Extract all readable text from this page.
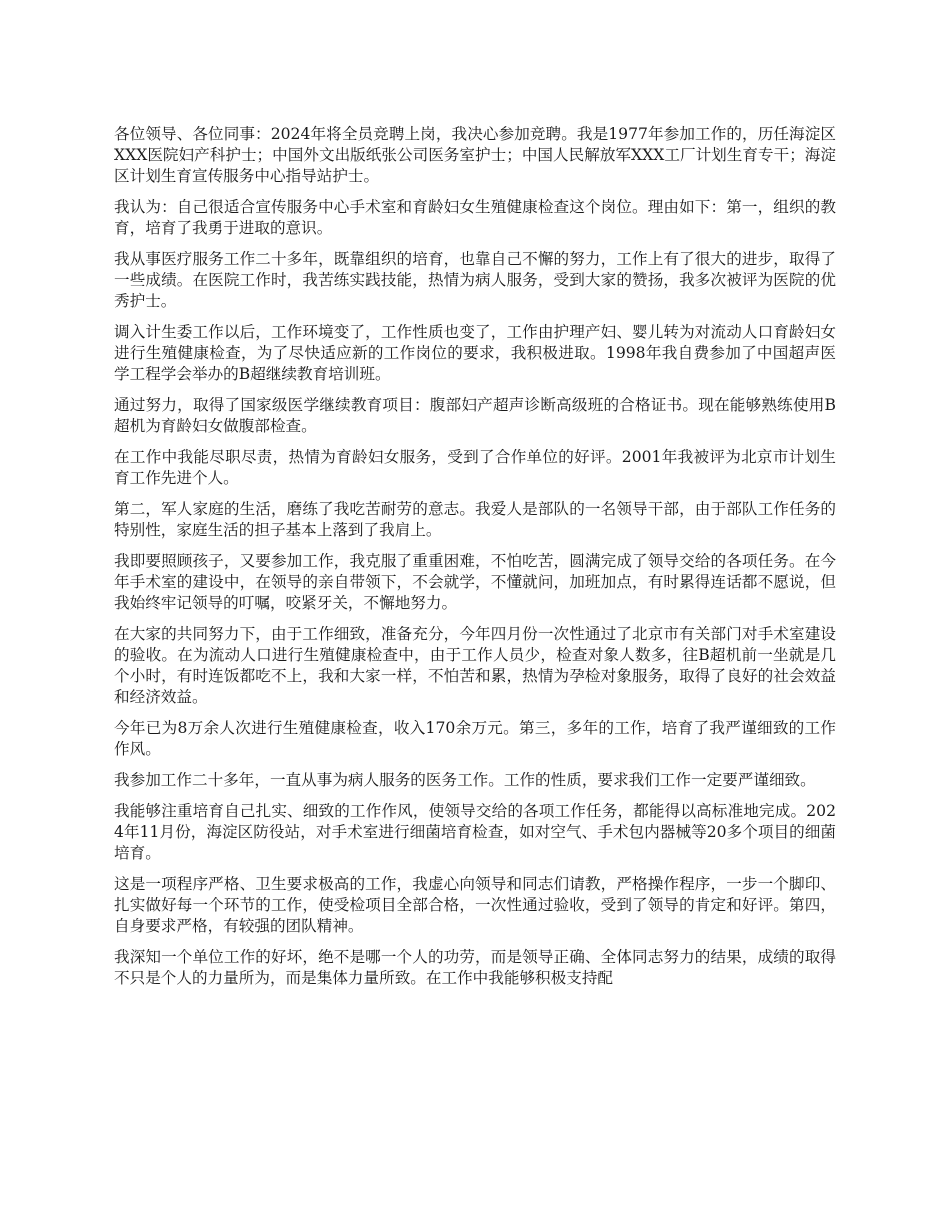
各位领导、各位同事：2024年将全员竞聘上岗，我决心参加竞聘。我是1977年参加工作的，历任海淀区XXX医院妇产科护士；中国外文出版纸张公司医务室护士；中国人民解放军XXX工厂计划生育专干；海淀区计划生育宣传服务中心指导站护士。

我认为：自己很适合宣传服务中心手术室和育龄妇女生殖健康检查这个岗位。理由如下：第一，组织的教育，培育了我勇于进取的意识。

我从事医疗服务工作二十多年，既靠组织的培育，也靠自己不懈的努力，工作上有了很大的进步，取得了一些成绩。在医院工作时，我苦练实践技能，热情为病人服务，受到大家的赞扬，我多次被评为医院的优秀护士。

调入计生委工作以后，工作环境变了，工作性质也变了，工作由护理产妇、婴儿转为对流动人口育龄妇女进行生殖健康检查，为了尽快适应新的工作岗位的要求，我积极进取。1998年我自费参加了中国超声医学工程学会举办的B超继续教育培训班。

通过努力，取得了国家级医学继续教育项目：腹部妇产超声诊断高级班的合格证书。现在能够熟练使用B超机为育龄妇女做腹部检查。

在工作中我能尽职尽责，热情为育龄妇女服务，受到了合作单位的好评。2001年我被评为北京市计划生育工作先进个人。

第二，军人家庭的生活，磨练了我吃苦耐劳的意志。我爱人是部队的一名领导干部，由于部队工作任务的特别性，家庭生活的担子基本上落到了我肩上。

我即要照顾孩子，又要参加工作，我克服了重重困难，不怕吃苦，圆满完成了领导交给的各项任务。在今年手术室的建设中，在领导的亲自带领下，不会就学，不懂就问，加班加点，有时累得连话都不愿说，但我始终牢记领导的叮嘱，咬紧牙关，不懈地努力。

在大家的共同努力下，由于工作细致，准备充分，今年四月份一次性通过了北京市有关部门对手术室建设的验收。在为流动人口进行生殖健康检查中，由于工作人员少，检查对象人数多，往B超机前一坐就是几个小时，有时连饭都吃不上，我和大家一样，不怕苦和累，热情为孕检对象服务，取得了良好的社会效益和经济效益。

今年已为8万余人次进行生殖健康检查，收入170余万元。第三，多年的工作，培育了我严谨细致的工作作风。

我参加工作二十多年，一直从事为病人服务的医务工作。工作的性质，要求我们工作一定要严谨细致。

我能够注重培育自己扎实、细致的工作作风，使领导交给的各项工作任务，都能得以高标准地完成。2024年11月份，海淀区防役站，对手术室进行细菌培育检查，如对空气、手术包内器械等20多个项目的细菌培育。

这是一项程序严格、卫生要求极高的工作，我虚心向领导和同志们请教，严格操作程序，一步一个脚印、扎实做好每一个环节的工作，使受检项目全部合格，一次性通过验收，受到了领导的肯定和好评。第四，自身要求严格，有较强的团队精神。

我深知一个单位工作的好坏，绝不是哪一个人的功劳，而是领导正确、全体同志努力的结果，成绩的取得不只是个人的力量所为，而是集体力量所致。在工作中我能够积极支持配
